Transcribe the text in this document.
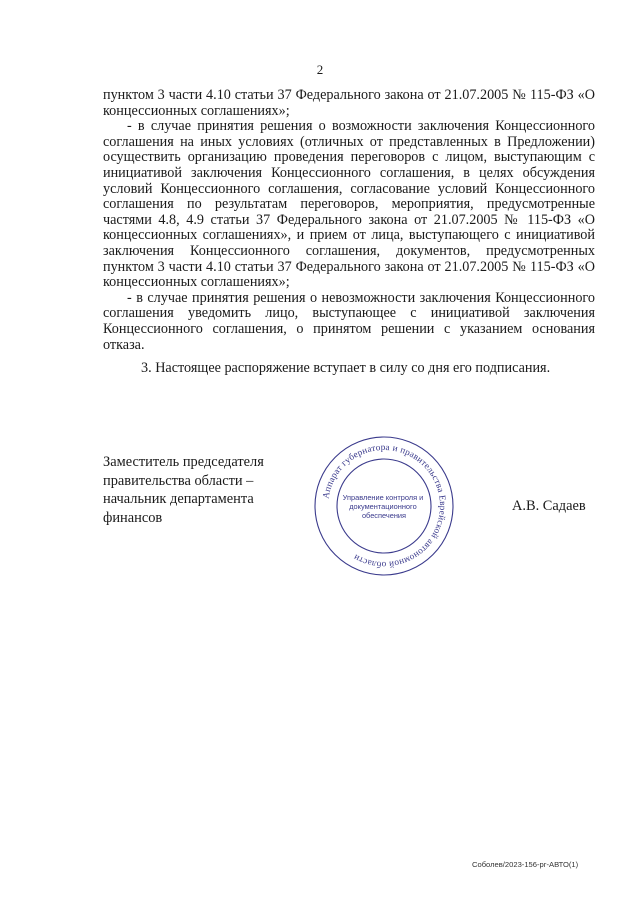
2

пунктом 3 части 4.10 статьи 37 Федерального закона от 21.07.2005 № 115-ФЗ «О концессионных соглашениях»;

- в случае принятия решения о возможности заключения Концессионного соглашения на иных условиях (отличных от представленных в Предложении) осуществить организацию проведения переговоров с лицом, выступающим с инициативой заключения Концессионного соглашения, в целях обсуждения условий Концессионного соглашения, согласование условий Концессионного соглашения по результатам переговоров, мероприятия, предусмотренные частями 4.8, 4.9 статьи 37 Федерального закона от 21.07.2005 № 115-ФЗ «О концессионных соглашениях», и прием от лица, выступающего с инициативой заключения Концессионного соглашения, документов, предусмотренных пунктом 3 части 4.10 статьи 37 Федерального закона от 21.07.2005 № 115-ФЗ «О концессионных соглашениях»;

- в случае принятия решения о невозможности заключения Концессионного соглашения уведомить лицо, выступающее с инициативой заключения Концессионного соглашения, о принятом решении с указанием основания отказа.

3. Настоящее распоряжение вступает в силу со дня его подписания.

Заместитель председателя
правительства области –
начальник департамента
финансов
Аппарат губернатора и правительства Еврейской автономной области
Управление контроля и документационного обеспечения
А.В. Садаев
Соболев/2023-156-рг-АВТО(1)
